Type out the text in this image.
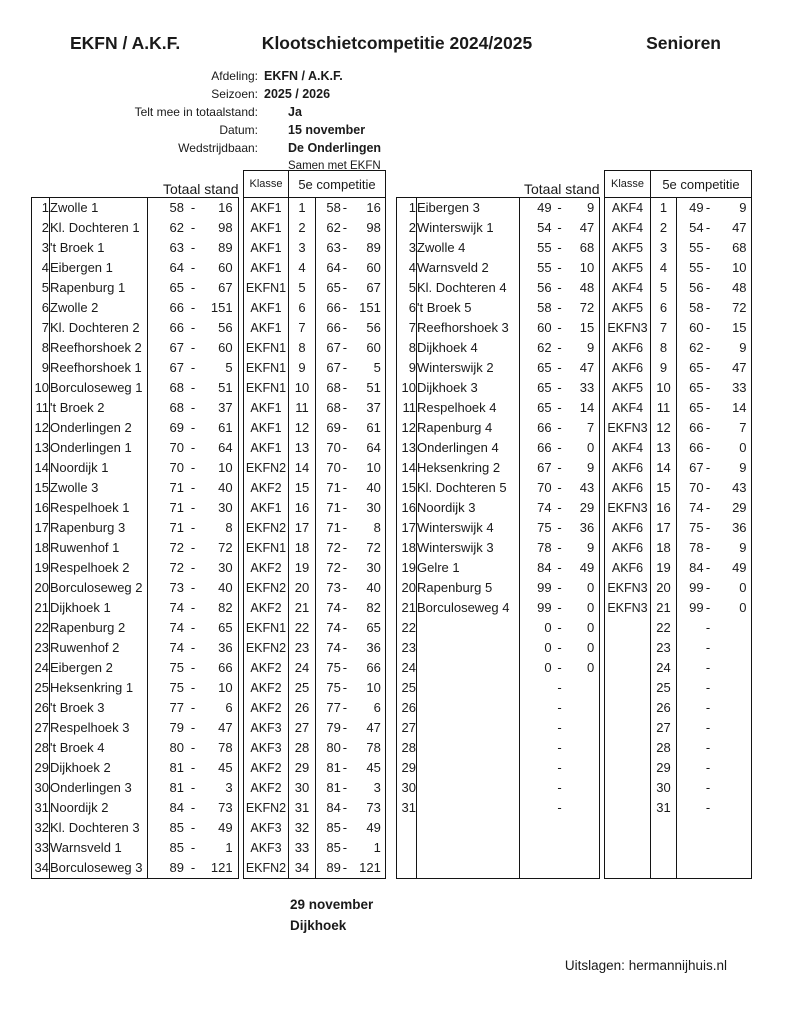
EKFN / A.K.F.	Klootschietcompetitie 2024/2025	Senioren
Afdeling: EKFN / A.K.F.
Seizoen: 2025 / 2026
Telt mee in totaalstand: Ja
Datum: 15 november
Wedstrijdbaan: De Onderlingen
Samen met EKFN
Totaal stand				Klasse	5e competitie	
1	Zwolle 1	58 - 16		AKF1	1	58 - 16
2	Kl. Dochteren 1	62 - 98		AKF1	2	62 - 98
3	't Broek 1	63 - 89		AKF1	3	63 - 89
4	Eibergen 1	64 - 60		AKF1	4	64 - 60
5	Rapenburg 1	65 - 67		EKFN1	5	65 - 67
6	Zwolle 2	66 - 151		AKF1	6	66 - 151
7	Kl. Dochteren 2	66 - 56		AKF1	7	66 - 56
8	Reefhorshoek 2	67 - 60		EKFN1	8	67 - 60
9	Reefhorshoek 1	67 - 5		EKFN1	9	67 - 5
10	Borculoseweg 1	68 - 51		EKFN1	10	68 - 51
11	't Broek 2	68 - 37		AKF1	11	68 - 37
12	Onderlingen 2	69 - 61		AKF1	12	69 - 61
13	Onderlingen 1	70 - 64		AKF1	13	70 - 64
14	Noordijk 1	70 - 10		EKFN2	14	70 - 10
15	Zwolle 3	71 - 40		AKF2	15	71 - 40
16	Respelhoek 1	71 - 30		AKF1	16	71 - 30
17	Rapenburg 3	71 - 8		EKFN2	17	71 - 8
18	Ruwenhof 1	72 - 72		EKFN1	18	72 - 72
19	Respelhoek 2	72 - 30		AKF2	19	72 - 30
20	Borculoseweg 2	73 - 40		EKFN2	20	73 - 40
21	Dijkhoek 1	74 - 82		AKF2	21	74 - 82
22	Rapenburg 2	74 - 65		EKFN1	22	74 - 65
23	Ruwenhof 2	74 - 36		EKFN2	23	74 - 36
24	Eibergen 2	75 - 66		AKF2	24	75 - 66
25	Heksenkring 1	75 - 10		AKF2	25	75 - 10
26	't Broek 3	77 - 6		AKF2	26	77 - 6
27	Respelhoek 3	79 - 47		AKF3	27	79 - 47
28	't Broek 4	80 - 78		AKF3	28	80 - 78
29	Dijkhoek 2	81 - 45		AKF2	29	81 - 45
30	Onderlingen 3	81 - 3		AKF2	30	81 - 3
31	Noordijk 2	84 - 73		EKFN2	31	84 - 73
32	Kl. Dochteren 3	85 - 49		AKF3	32	85 - 49
33	Warnsveld 1	85 - 1		AKF3	33	85 - 1
34	Borculoseweg 3	89 - 121		EKFN2	34	89 - 121
Totaal stand				Klasse	5e competitie	
1	Eibergen 3	49 - 9		AKF4	1	49 - 9
2	Winterswijk 1	54 - 47		AKF4	2	54 - 47
3	Zwolle 4	55 - 68		AKF5	3	55 - 68
4	Warnsveld 2	55 - 10		AKF5	4	55 - 10
5	Kl. Dochteren 4	56 - 48		AKF4	5	56 - 48
6	't Broek 5	58 - 72		AKF5	6	58 - 72
7	Reefhorshoek 3	60 - 15		EKFN3	7	60 - 15
8	Dijkhoek 4	62 - 9		AKF6	8	62 - 9
9	Winterswijk 2	65 - 47		AKF6	9	65 - 47
10	Dijkhoek 3	65 - 33		AKF5	10	65 - 33
11	Respelhoek 4	65 - 14		AKF4	11	65 - 14
12	Rapenburg 4	66 - 7		EKFN3	12	66 - 7
13	Onderlingen 4	66 - 0		AKF4	13	66 - 0
14	Heksenkring 2	67 - 9		AKF6	14	67 - 9
15	Kl. Dochteren 5	70 - 43		AKF6	15	70 - 43
16	Noordijk 3	74 - 29		EKFN3	16	74 - 29
17	Winterswijk 4	75 - 36		AKF6	17	75 - 36
18	Winterswijk 3	78 - 9		AKF6	18	78 - 9
19	Gelre 1	84 - 49		AKF6	19	84 - 49
20	Rapenburg 5	99 - 0		EKFN3	20	99 - 0
21	Borculoseweg 4	99 - 0		EKFN3	21	99 - 0
22		0 - 0			22	-
23		0 - 0			23	-
24		0 - 0			24	-
25		-			25	-
26		-			26	-
27		-			27	-
28		-			28	-
29		-			29	-
30		-			30	-
31		-			31	-

29 november
Dijkhoek
Uitslagen: hermannijhuis.nl
